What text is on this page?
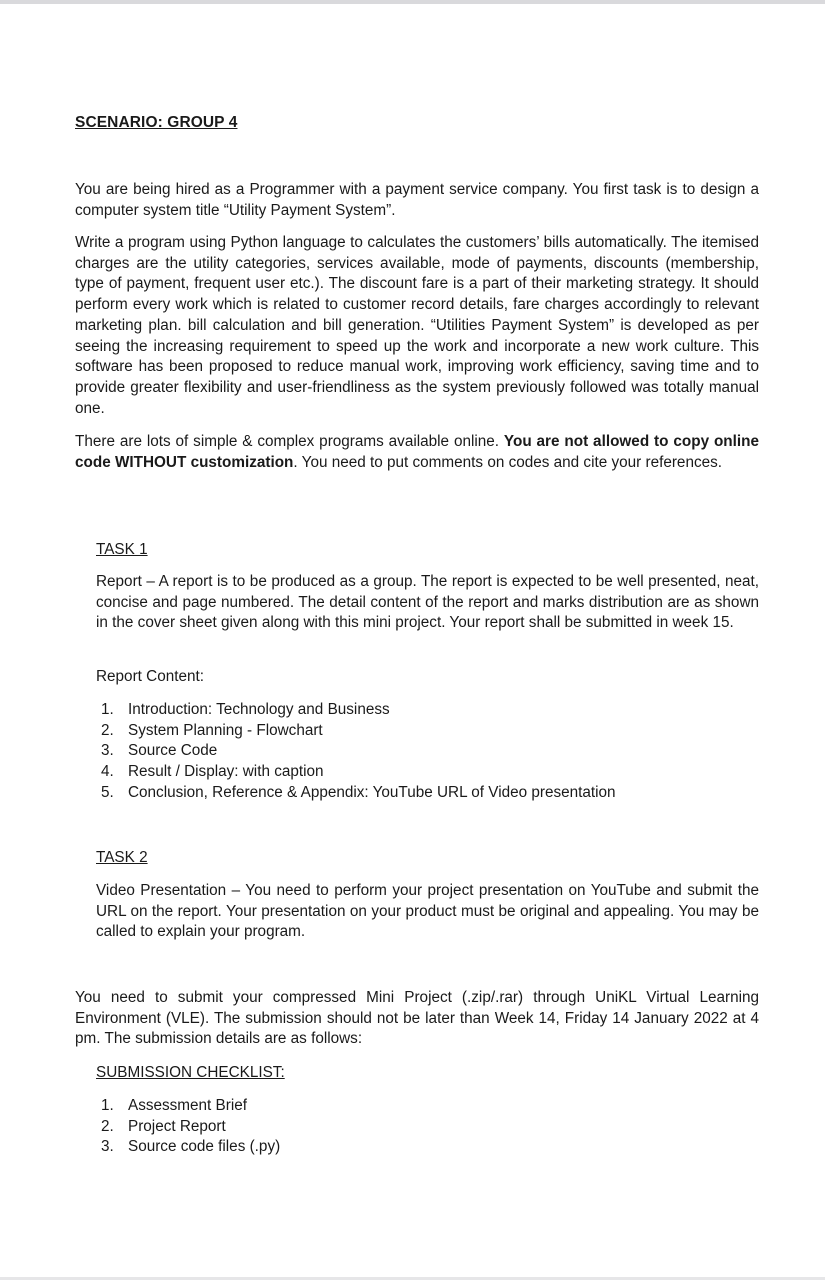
SCENARIO: GROUP 4

You are being hired as a Programmer with a payment service company. You first task is to design a computer system title “Utility Payment System”.

Write a program using Python language to calculates the customers’ bills automatically. The itemised charges are the utility categories, services available, mode of payments, discounts (membership, type of payment, frequent user etc.). The discount fare is a part of their marketing strategy. It should perform every work which is related to customer record details, fare charges accordingly to relevant marketing plan. bill calculation and bill generation. “Utilities Payment System” is developed as per seeing the increasing requirement to speed up the work and incorporate a new work culture. This software has been proposed to reduce manual work, improving work efficiency, saving time and to provide greater flexibility and user-friendliness as the system previously followed was totally manual one.

There are lots of simple & complex programs available online. You are not allowed to copy online code WITHOUT customization. You need to put comments on codes and cite your references.

TASK 1

Report – A report is to be produced as a group. The report is expected to be well presented, neat, concise and page numbered. The detail content of the report and marks distribution are as shown in the cover sheet given along with this mini project. Your report shall be submitted in week 15.

Report Content:

1. Introduction: Technology and Business
2. System Planning - Flowchart
3. Source Code
4. Result / Display: with caption
5. Conclusion, Reference & Appendix: YouTube URL of Video presentation

TASK 2

Video Presentation – You need to perform your project presentation on YouTube and submit the URL on the report. Your presentation on your product must be original and appealing. You may be called to explain your program.

You need to submit your compressed Mini Project (.zip/.rar) through UniKL Virtual Learning Environment (VLE). The submission should not be later than Week 14, Friday 14 January 2022 at 4 pm. The submission details are as follows:

SUBMISSION CHECKLIST:

1. Assessment Brief
2. Project Report
3. Source code files (.py)
